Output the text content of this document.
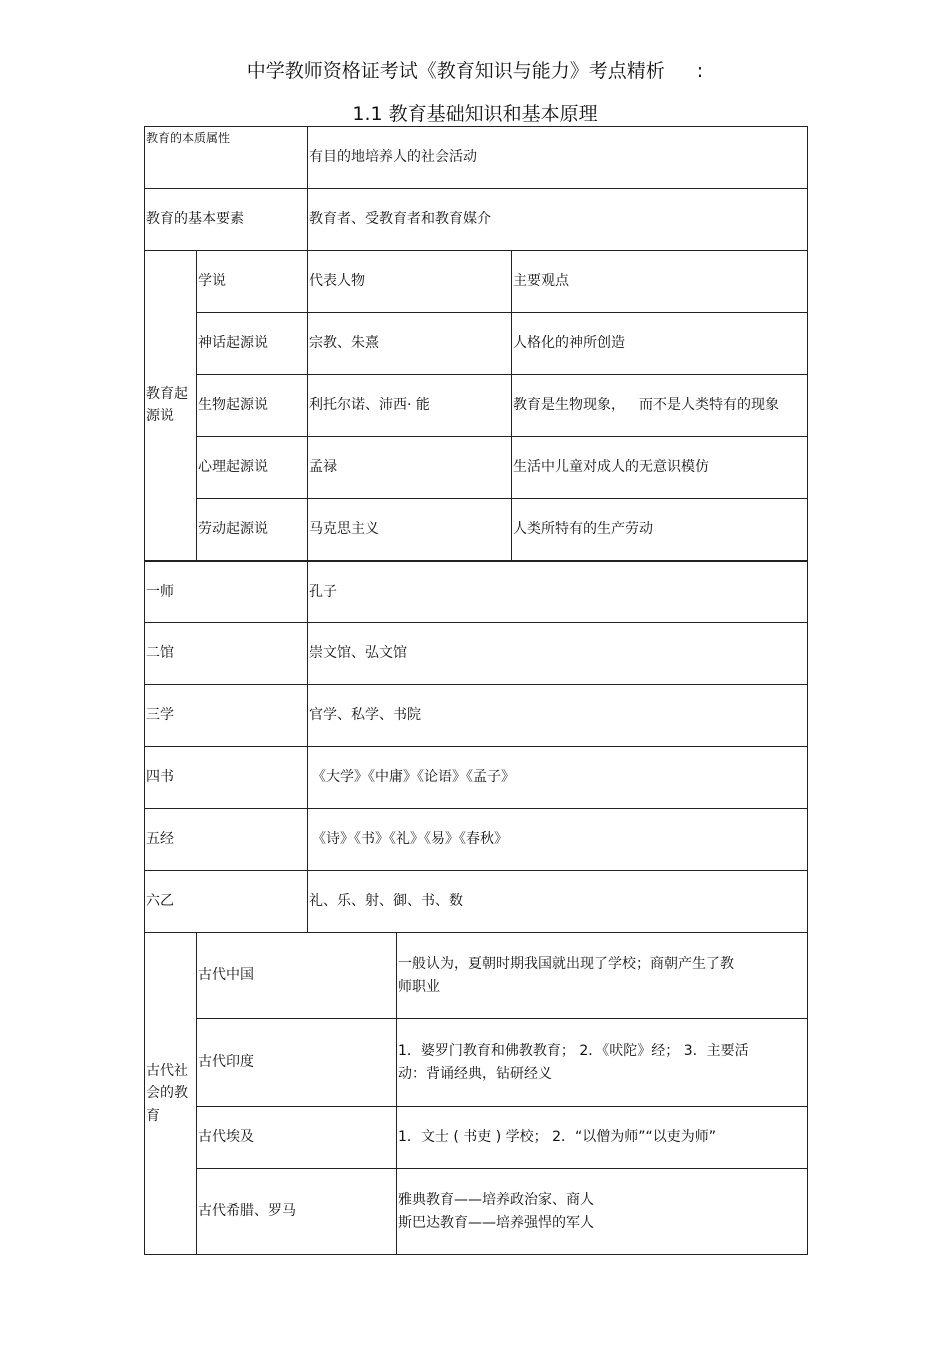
中学教师资格证考试《教育知识与能力》考点精析 :
1.1 教育基础知识和基本原理
教育的本质属性		有目的地培养人的社会活动		
教育的基本要素		教育者、受教育者和教育媒介		
教育起源说	学说	代表人物		主要观点
	神话起源说	宗教、朱熹		人格化的神所创造
	生物起源说	利托尔诺、沛西· 能		教育是生物现象， 而不是人类特有的现象
	心理起源说	孟禄		生活中儿童对成人的无意识模仿
	劳动起源说	马克思主义		人类所特有的生产劳动
一师		孔子		
二馆		崇文馆、弘文馆		
三学		官学、私学、书院		
四书		《大学》《中庸》《论语》《孟子》		
五经		《诗》《书》《礼》《易》《春秋》		
六乙		礼、乐、射、御、书、数		
古代社会的教育	古代中国		一般认为，夏朝时期我国就出现了学校；商朝产生了教
师职业	

	古代印度		1．婆罗门教育和佛教教育； 2．《吠陀》经； 3．主要活
动：背诵经典，钻研经义	

	古代埃及		1．文士 ( 书吏 ) 学校； 2．“以僧为师”“以吏为师”	

	古代希腊、罗马		雅典教育——培养政治家、商人
斯巴达教育——培养强悍的军人	
